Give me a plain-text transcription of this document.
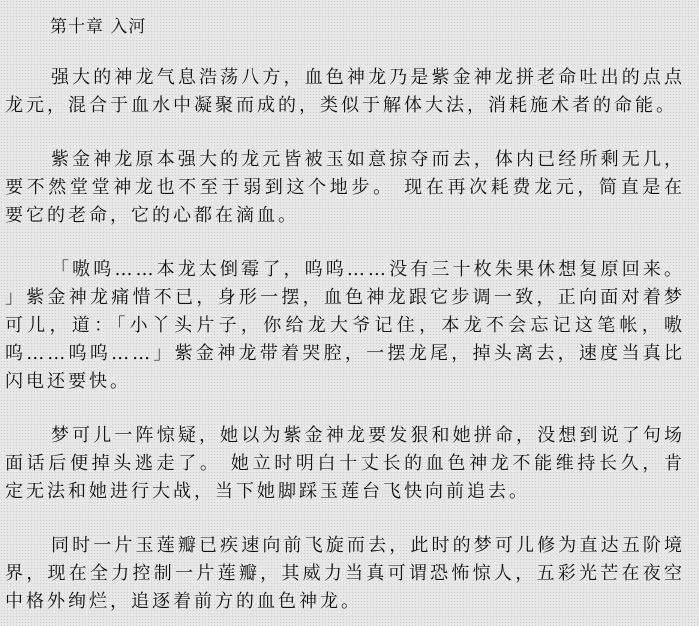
第十章 入河

强大的神龙气息浩荡八方，血色神龙乃是紫金神龙拼老命吐出的点点龙元，混合于血水中凝聚而成的，类似于解体大法，消耗施术者的命能。

紫金神龙原本强大的龙元皆被玉如意掠夺而去，体内已经所剩无几，要不然堂堂神龙也不至于弱到这个地步。 现在再次耗费龙元，简直是在要它的老命，它的心都在滴血。

「嗷呜……本龙太倒霉了，呜呜……没有三十枚朱果休想复原回来。 」紫金神龙痛惜不已，身形一摆，血色神龙跟它步调一致，正向面对着梦可儿，道：「小丫头片子，你给龙大爷记住，本龙不会忘记这笔帐，嗷呜……呜呜……」紫金神龙带着哭腔，一摆龙尾，掉头离去，速度当真比闪电还要快。

梦可儿一阵惊疑，她以为紫金神龙要发狠和她拼命，没想到说了句场面话后便掉头逃走了。 她立时明白十丈长的血色神龙不能维持长久，肯定无法和她进行大战，当下她脚踩玉莲台飞快向前追去。

同时一片玉莲瓣已疾速向前飞旋而去，此时的梦可儿修为直达五阶境界，现在全力控制一片莲瓣，其威力当真可谓恐怖惊人，五彩光芒在夜空中格外绚烂，追逐着前方的血色神龙。
